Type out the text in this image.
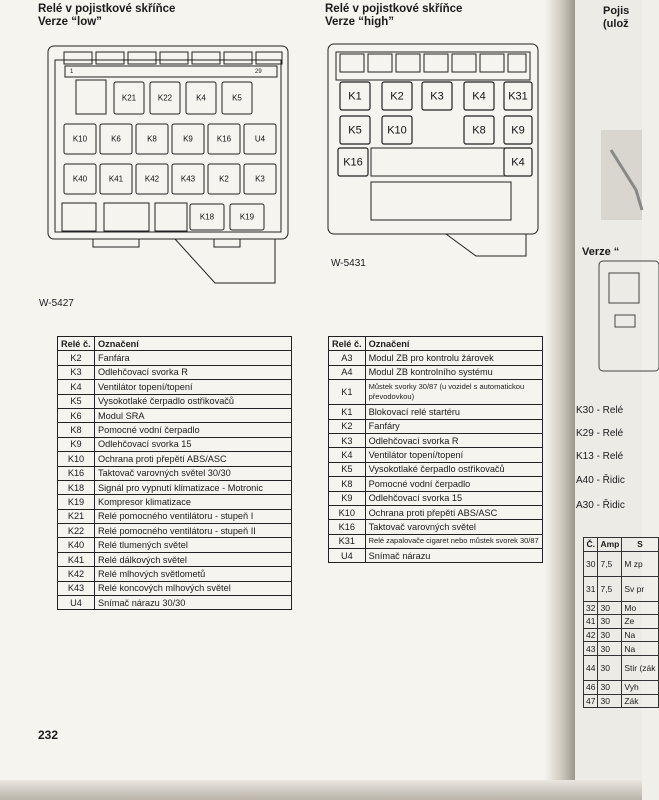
Relé v pojistkové skříňce
Verze “low”
Relé v pojistkové skříňce
Verze “high”
K21	K22	K4	K5
K10	K6	K8	K9	K16	U4
K40	K41	K42	K43	K2	K3
K18	K19
1	29
W-5427
K1	K2 K3	K4 K31
K5 K10	K8 K9
K16	K4
W-5431
Relé č.	Označení
K2	Fanfára
K3	Odlehčovací svorka R
K4	Ventilátor topení/topení
K5	Vysokotlaké čerpadlo ostřikovačů
K6	Modul SRA
K8	Pomocné vodní čerpadlo
K9	Odlehčovací svorka 15
K10	Ochrana proti přepětí ABS/ASC
K16	Taktovač varovných světel 30/30
K18	Signál pro vypnutí klimatizace - Motronic
K19	Kompresor klimatizace
K21	Relé pomocného ventilátoru - stupeň I
K22	Relé pomocného ventilátoru - stupeň II
K40	Relé tlumených světel
K41	Relé dálkových světel
K42	Relé mlhových světlometů
K43	Relé koncových mlhových světel
U4	Snímač nárazu 30/30
Relé č.	Označení
A3	Modul ZB pro kontrolu žárovek
A4	Modul ZB kontrolního systému
K1	Můstek svorky 30/87 (u vozidel s automatickou převodovkou)
K1	Blokovací relé startéru
K2	Fanfáry
K3	Odlehčovací svorka R
K4	Ventilátor topení/topení
K5	Vysokotlaké čerpadlo ostřikovačů
K8	Pomocné vodní čerpadlo
K9	Odlehčovací svorka 15
K10	Ochrana proti přepětí ABS/ASC
K16	Taktovač varovných světel
K31	Relé zapalovače cigaret nebo můstek svorek 30/87
U4	Snímač nárazu
232
Pojis
(ulož
Verze “
K30 - Relé
K29 - Relé
K13 - Relé
A40 - Řidic
A30 - Řidic
Č.	Amp	S
30	7,5	M zp
31	7,5	Sv pr
32	30	Mo
41	30	Ze
42	30	Na
43	30	Na
44	30	Stir (zák
46	30	Vyh
47	30	Zák
